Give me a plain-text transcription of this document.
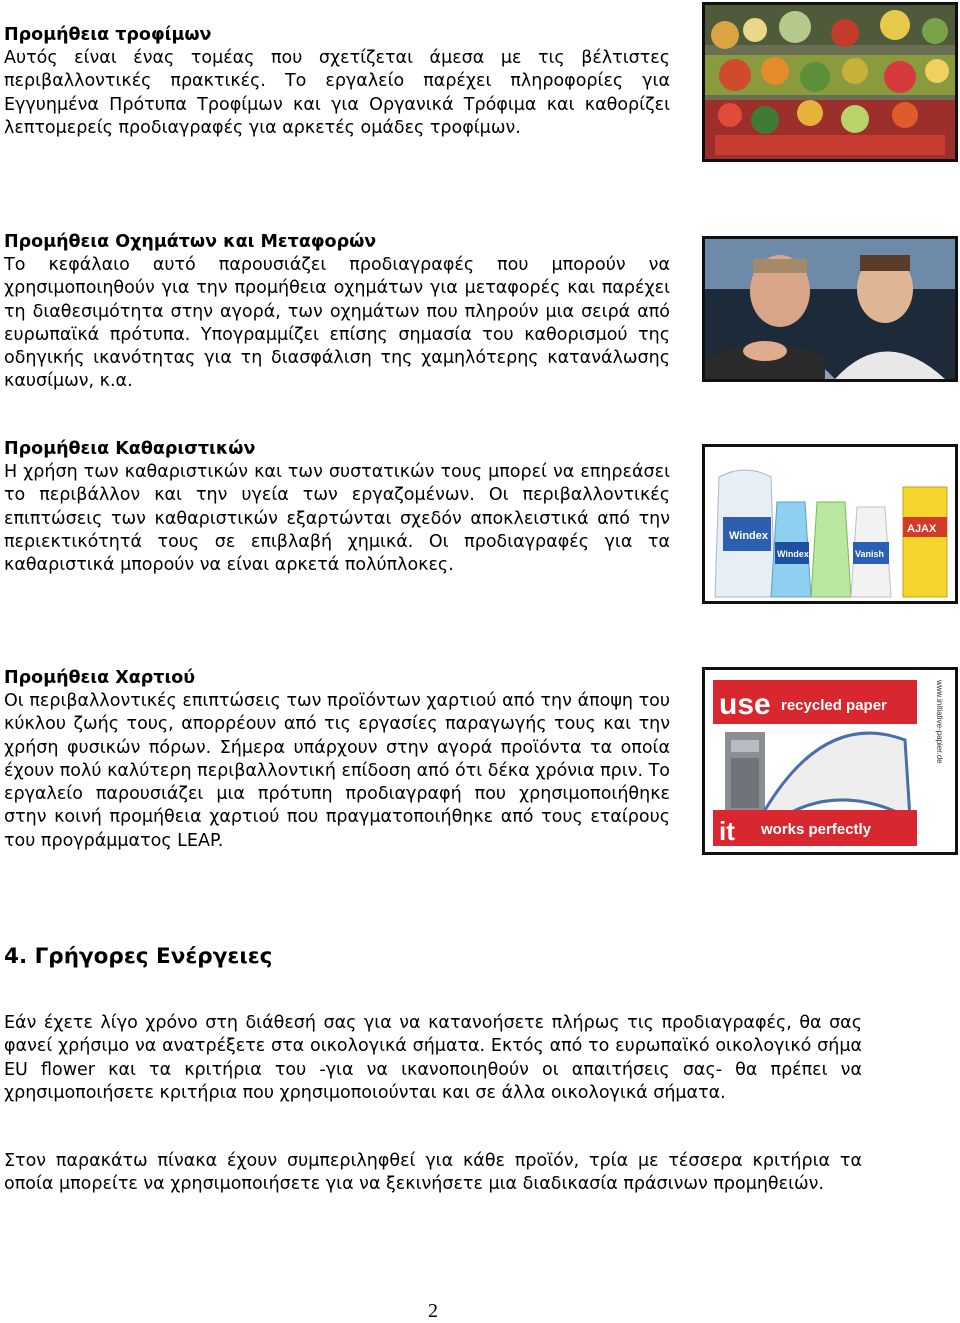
Προμήθεια τροφίμων

Αυτός είναι ένας τομέας που σχετίζεται άμεσα με τις βέλτιστες περιβαλλοντικές πρακτικές. Το εργαλείο παρέχει πληροφορίες για Εγγυημένα Πρότυπα Τροφίμων και για Οργανικά Τρόφιμα και καθορίζει λεπτομερείς προδιαγραφές για αρκετές ομάδες τροφίμων.

Προμήθεια Οχημάτων και Μεταφορών

Το κεφάλαιο αυτό παρουσιάζει προδιαγραφές που μπορούν να χρησιμοποιηθούν για την προμήθεια οχημάτων για μεταφορές και παρέχει τη διαθεσιμότητα στην αγορά, των οχημάτων που πληρούν μια σειρά από ευρωπαϊκά πρότυπα. Υπογραμμίζει επίσης σημασία του καθορισμού της οδηγικής ικανότητας για τη διασφάλιση της χαμηλότερης κατανάλωσης καυσίμων, κ.α.

Προμήθεια Καθαριστικών

Η χρήση των καθαριστικών και των συστατικών τους μπορεί να επηρεάσει το περιβάλλον και την υγεία των εργαζομένων. Οι περιβαλλοντικές επιπτώσεις των καθαριστικών εξαρτώνται σχεδόν αποκλειστικά από την περιεκτικότητά τους σε επιβλαβή χημικά. Οι προδιαγραφές για τα καθαριστικά μπορούν να είναι αρκετά πολύπλοκες.

Windex
Windex	Vanish
AJAX
Προμήθεια Χαρτιού

Οι περιβαλλοντικές επιπτώσεις των προϊόντων χαρτιού από την άποψη του κύκλου ζωής τους, απορρέουν από τις εργασίες παραγωγής τους και την χρήση φυσικών πόρων. Σήμερα υπάρχουν στην αγορά προϊόντα τα οποία έχουν πολύ καλύτερη περιβαλλοντική επίδοση από ότι δέκα χρόνια πριν. Το εργαλείο παρουσιάζει μια πρότυπη προδιαγραφή που χρησιμοποιήθηκε στην κοινή προμήθεια χαρτιού που πραγματοποιήθηκε από τους εταίρους του προγράμματος LEAP.

use recycled paper
it works perfectly
www.initiative-papier.de
4. Γρήγορες Ενέργειες

Εάν έχετε λίγο χρόνο στη διάθεσή σας για να κατανοήσετε πλήρως τις προδιαγραφές, θα σας φανεί χρήσιμο να ανατρέξετε στα οικολογικά σήματα. Εκτός από το ευρωπαϊκό οικολογικό σήμα EU flower και τα κριτήρια του -για να ικανοποιηθούν οι απαιτήσεις σας- θα πρέπει να χρησιμοποιήσετε κριτήρια που χρησιμοποιούνται και σε άλλα οικολογικά σήματα.

Στον παρακάτω πίνακα έχουν συμπεριληφθεί για κάθε προϊόν, τρία με τέσσερα κριτήρια τα οποία μπορείτε να χρησιμοποιήσετε για να ξεκινήσετε μια διαδικασία πράσινων προμηθειών.

2
